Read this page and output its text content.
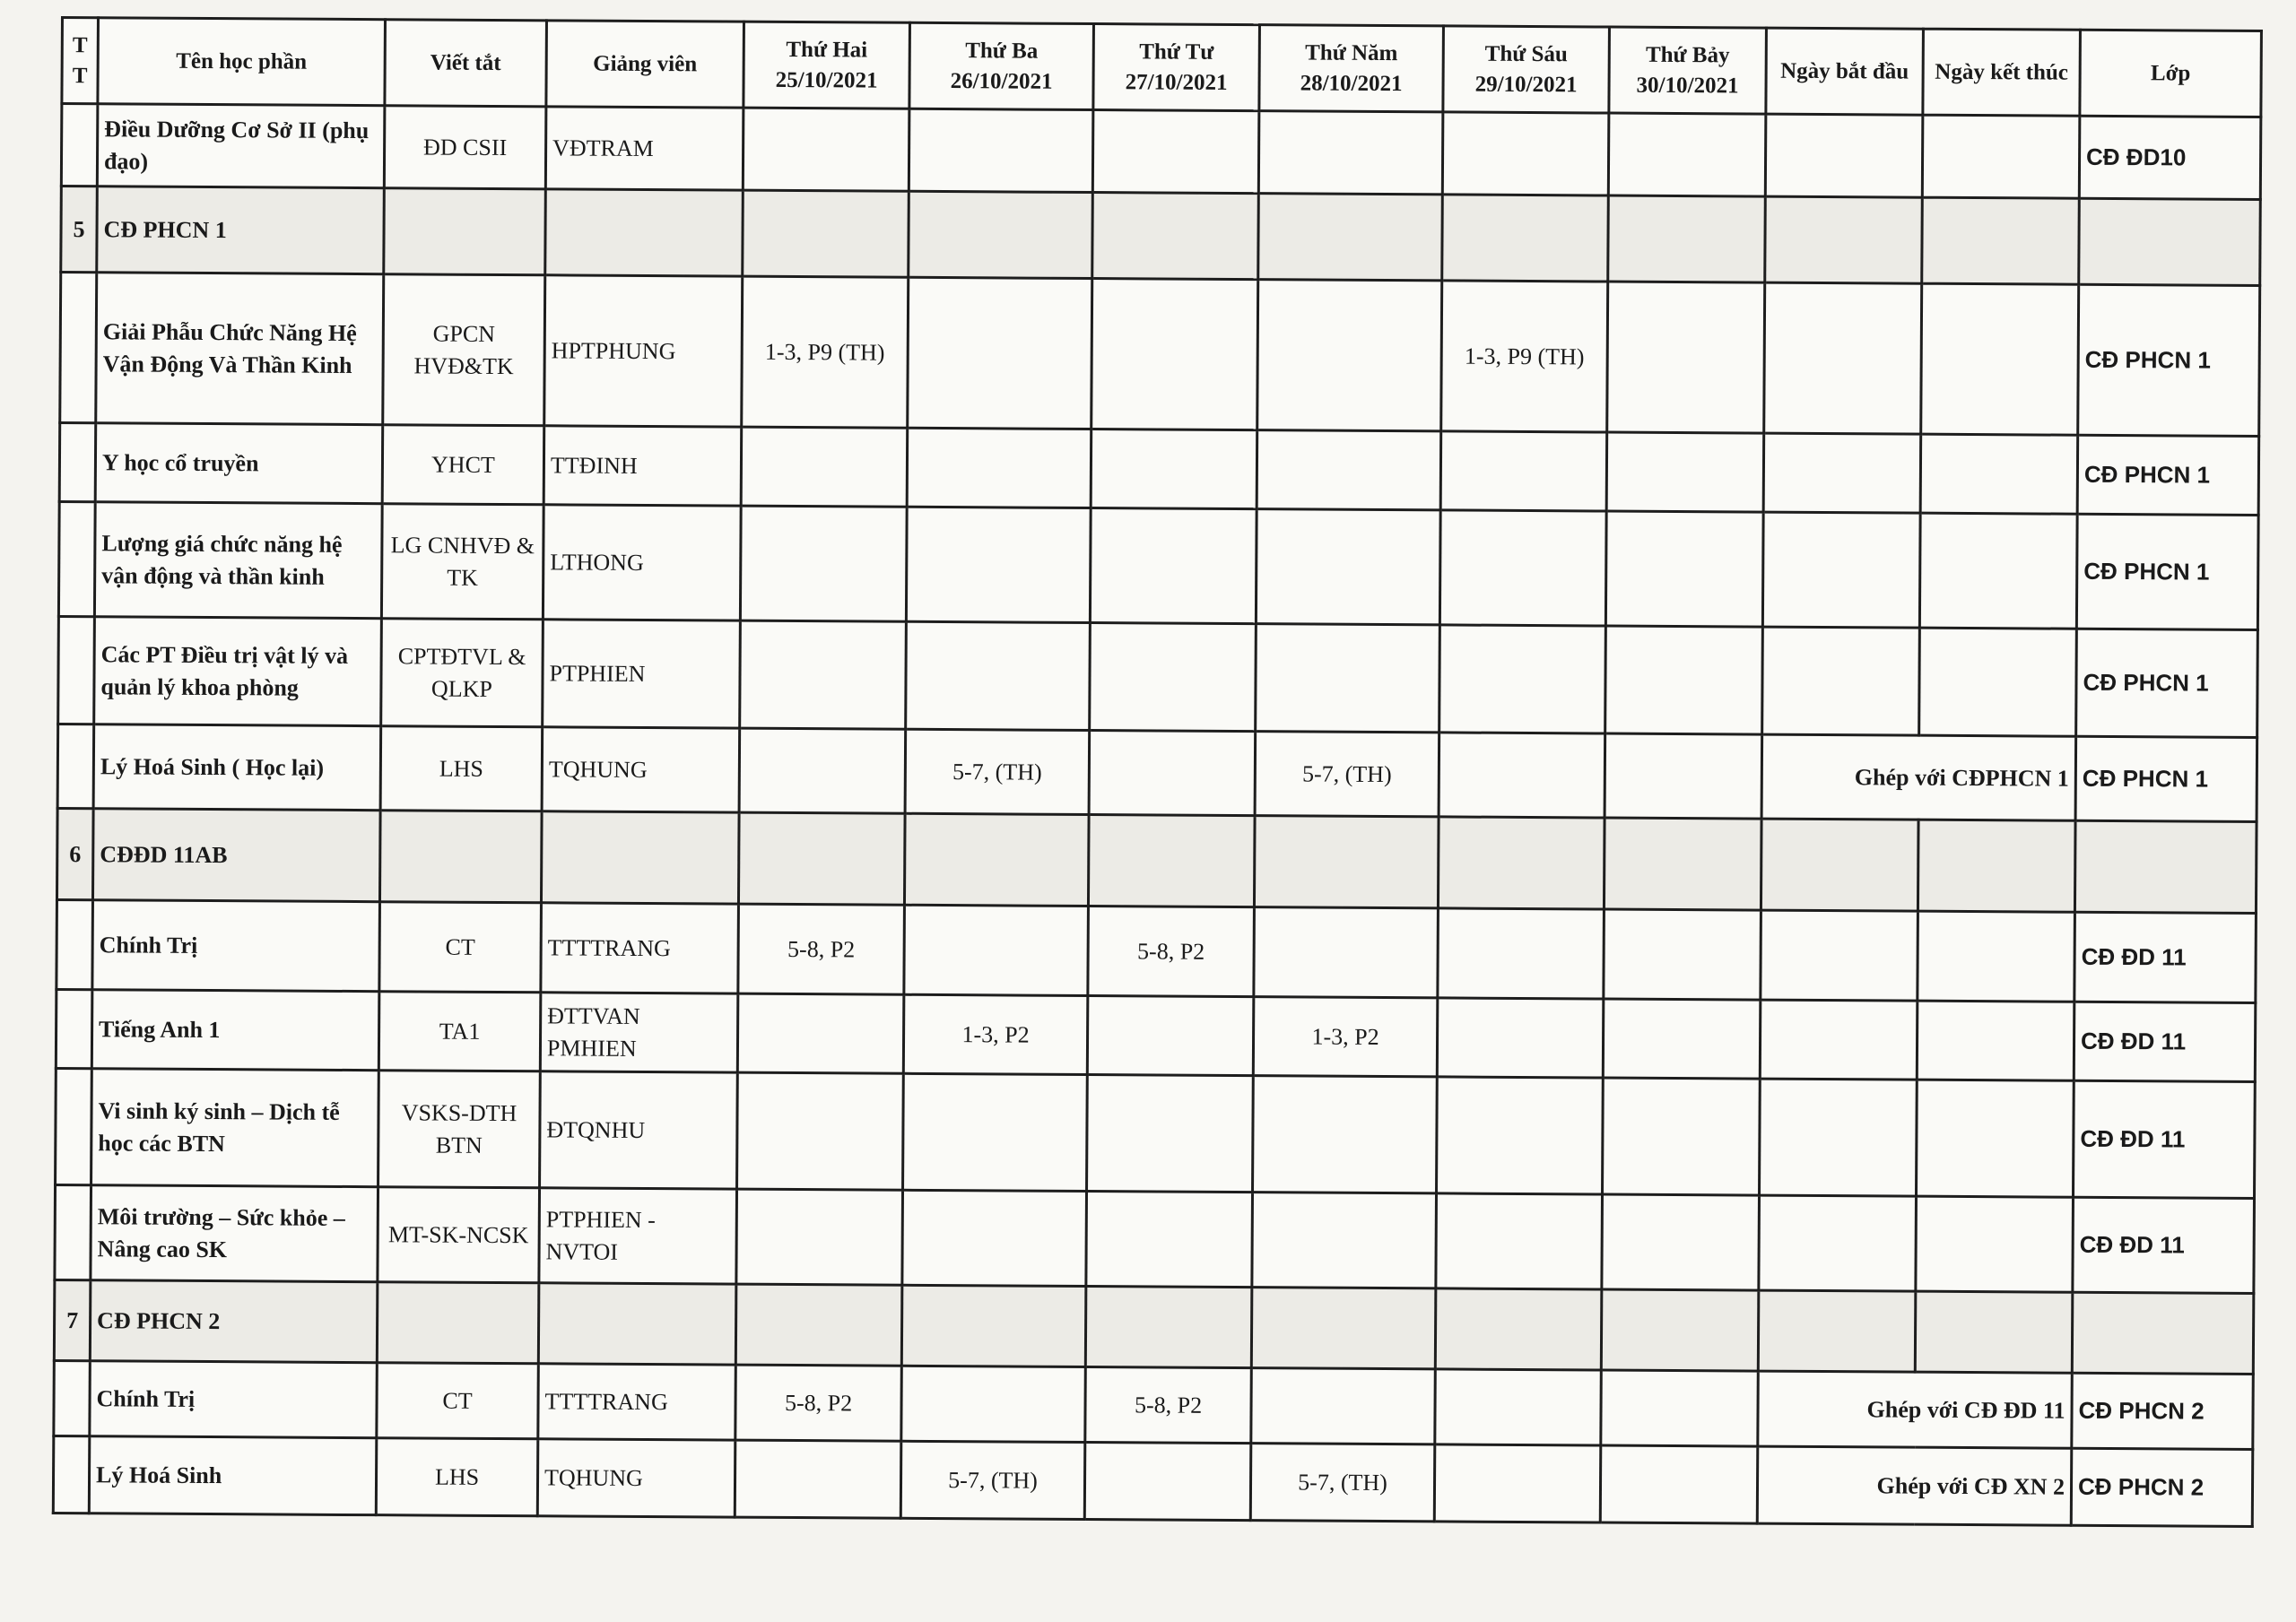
T T	Tên học phần	Viết tắt	Giảng viên	Thứ Hai 25/10/2021	Thứ Ba 26/10/2021	Thứ Tư 27/10/2021	Thứ Năm 28/10/2021	Thứ Sáu 29/10/2021	Thứ Bảy 30/10/2021	Ngày bắt đầu	Ngày kết thúc	Lớp
	Điều Dưỡng Cơ Sở II (phụ đạo)	ĐD CSII	VĐTRAM									CĐ ĐD10
5	CĐ PHCN 1											
	Giải Phẫu Chức Năng Hệ Vận Động Và Thần Kinh	GPCN HVĐ&TK	HPTPHUNG	1-3, P9 (TH)				1-3, P9 (TH)				CĐ PHCN 1
	Y học cổ truyền	YHCT	TTĐINH									CĐ PHCN 1
	Lượng giá chức năng hệ vận động và thần kinh	LG CNHVĐ & TK	LTHONG									CĐ PHCN 1
	Các PT Điều trị vật lý và quản lý khoa phòng	CPTĐTVL & QLKP	PTPHIEN									CĐ PHCN 1
	Lý Hoá Sinh ( Học lại)	LHS	TQHUNG		5-7, (TH)		5-7, (TH)			Ghép với CĐPHCN 1		CĐ PHCN 1
6	CĐĐD 11AB											
	Chính Trị	CT	TTTTRANG	5-8, P2		5-8, P2						CĐ ĐD 11
	Tiếng Anh 1	TA1	ĐTTVAN PMHIEN		1-3, P2		1-3, P2					CĐ ĐD 11
	Vi sinh ký sinh – Dịch tễ học các BTN	VSKS-DTH BTN	ĐTQNHU									CĐ ĐD 11
	Môi trường – Sức khỏe – Nâng cao SK	MT-SK-NCSK	PTPHIEN - NVTOI									CĐ ĐD 11
7	CĐ PHCN 2											
	Chính Trị	CT	TTTTRANG	5-8, P2		5-8, P2				Ghép với CĐ ĐD 11		CĐ PHCN 2
	Lý Hoá Sinh	LHS	TQHUNG		5-7, (TH)		5-7, (TH)			Ghép với CĐ XN 2		CĐ PHCN 2
